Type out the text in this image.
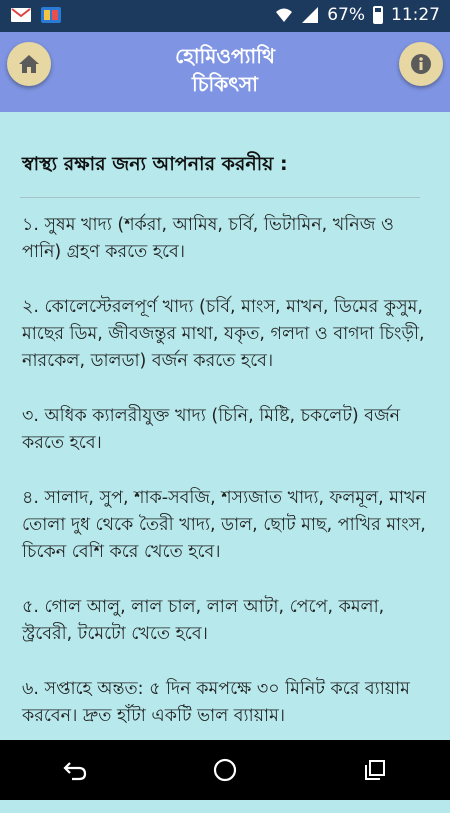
67% 11:27
হোমিওপ্যাথি
চিকিৎসা
স্বাস্থ্য রক্ষার জন্য আপনার করনীয় :
১. সুষম খাদ্য (শর্করা, আমিষ, চর্বি, ভিটামিন, খনিজ ও পানি) গ্রহণ করতে হবে।
২. কোলেস্টেরলপূর্ণ খাদ্য (চর্বি, মাংস, মাখন, ডিমের কুসুম, মাছের ডিম, জীবজন্তুর মাথা, যকৃত, গলদা ও বাগদা চিংড়ী, নারকেল, ডালডা) বর্জন করতে হবে।
৩. অধিক ক্যালরীযুক্ত খাদ্য (চিনি, মিষ্টি, চকলেট) বর্জন করতে হবে।
৪. সালাদ, সুপ, শাক-সবজি, শস্যজাত খাদ্য, ফলমূল, মাখন তোলা দুধ থেকে তৈরী খাদ্য, ডাল, ছোট মাছ, পাখির মাংস, চিকেন বেশি করে খেতে হবে।
৫. গোল আলু, লাল চাল, লাল আটা, পেপে, কমলা, স্ট্রবেরী, টমেটো খেতে হবে।
৬. সপ্তাহে অন্তত: ৫ দিন কমপক্ষে ৩০ মিনিট করে ব্যায়াম করবেন। দ্রুত হাঁটা একটি ভাল ব্যায়াম।
